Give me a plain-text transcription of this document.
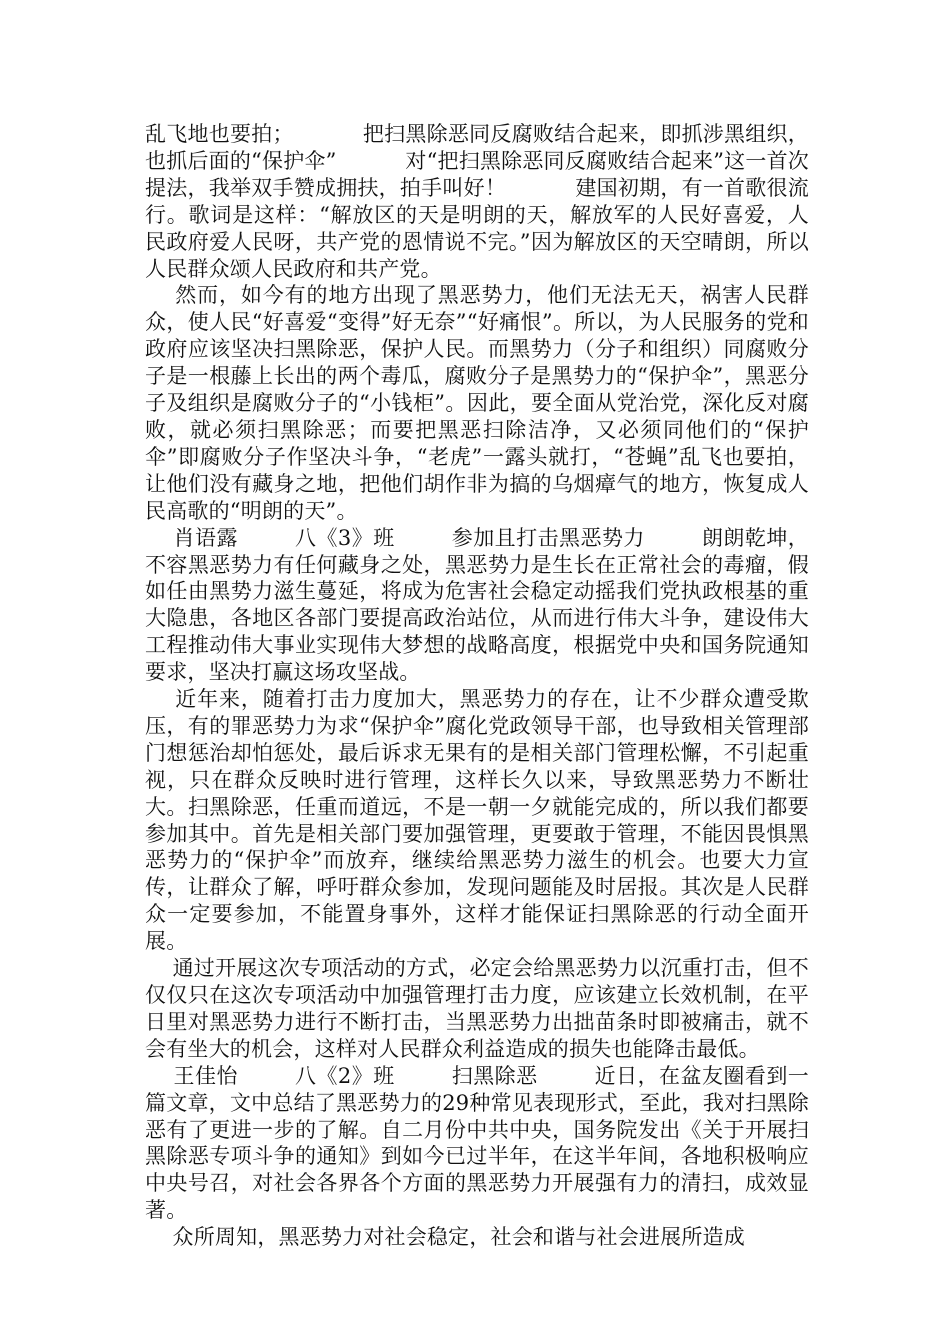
乱飞地也要拍；          把扫黑除恶同反腐败结合起来，即抓涉黑组织，也抓后面的“保护伞”          对“把扫黑除恶同反腐败结合起来”这一首次提法，我举双手赞成拥扶，拍手叫好！          建国初期，有一首歌很流行。歌词是这样：“解放区的天是明朗的天，解放军的人民好喜爱，人民政府爱人民呀，共产党的恩情说不完。”因为解放区的天空晴朗，所以人民群众颂人民政府和共产党。

然而，如今有的地方出现了黑恶势力，他们无法无天，祸害人民群众，使人民“好喜爱“变得”好无奈”“好痛恨”。所以，为人民服务的党和政府应该坚决扫黑除恶，保护人民。而黑势力（分子和组织）同腐败分子是一根藤上长出的两个毒瓜，腐败分子是黑势力的“保护伞”，黑恶分子及组织是腐败分子的“小钱柜”。因此，要全面从党治党，深化反对腐败，就必须扫黑除恶；而要把黑恶扫除洁净，又必须同他们的“保护伞”即腐败分子作坚决斗争，“老虎”一露头就打，“苍蝇”乱飞也要拍，让他们没有藏身之地，把他们胡作非为搞的乌烟瘴气的地方，恢复成人民高歌的“明朗的天”。

肖语露        八《3》班        参加且打击黑恶势力        朗朗乾坤，不容黑恶势力有任何藏身之处，黑恶势力是生长在正常社会的毒瘤，假如任由黑势力滋生蔓延，将成为危害社会稳定动摇我们党执政根基的重大隐患，各地区各部门要提高政治站位，从而进行伟大斗争，建设伟大工程推动伟大事业实现伟大梦想的战略高度，根据党中央和国务院通知要求，坚决打赢这场攻坚战。

近年来，随着打击力度加大，黑恶势力的存在，让不少群众遭受欺压，有的罪恶势力为求“保护伞”腐化党政领导干部，也导致相关管理部门想惩治却怕惩处，最后诉求无果有的是相关部门管理松懈，不引起重视，只在群众反映时进行管理，这样长久以来，导致黑恶势力不断壮大。扫黑除恶，任重而道远，不是一朝一夕就能完成的，所以我们都要参加其中。首先是相关部门要加强管理，更要敢于管理，不能因畏惧黑恶势力的“保护伞”而放弃，继续给黑恶势力滋生的机会。也要大力宣传，让群众了解，呼吁群众参加，发现问题能及时居报。其次是人民群众一定要参加，不能置身事外，这样才能保证扫黑除恶的行动全面开展。

通过开展这次专项活动的方式，必定会给黑恶势力以沉重打击，但不仅仅只在这次专项活动中加强管理打击力度，应该建立长效机制，在平日里对黑恶势力进行不断打击，当黑恶势力出拙苗条时即被痛击，就不会有坐大的机会，这样对人民群众利益造成的损失也能降击最低。

王佳怡        八《2》班        扫黑除恶        近日，在盆友圈看到一篇文章，文中总结了黑恶势力的29种常见表现形式，至此，我对扫黑除恶有了更进一步的了解。自二月份中共中央，国务院发出《关于开展扫黑除恶专项斗争的通知》到如今已过半年，在这半年间，各地积极响应中央号召，对社会各界各个方面的黑恶势力开展强有力的清扫，成效显著。

众所周知，黑恶势力对社会稳定，社会和谐与社会进展所造成
